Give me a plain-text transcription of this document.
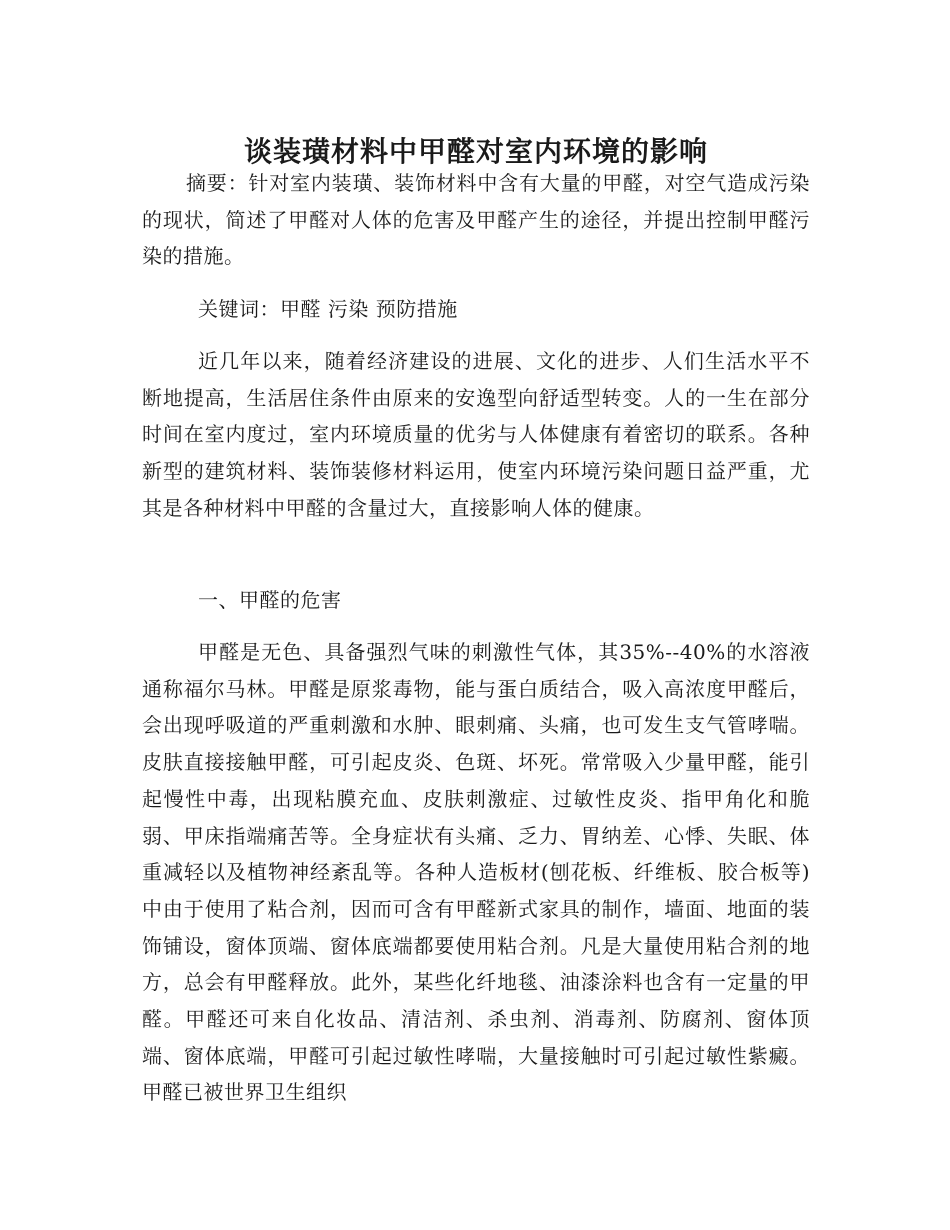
谈装璜材料中甲醛对室内环境的影响

摘要：针对室内装璜、装饰材料中含有大量的甲醛，对空气造成污染的现状，简述了甲醛对人体的危害及甲醛产生的途径，并提出控制甲醛污染的措施。

关键词：甲醛 污染 预防措施

近几年以来，随着经济建设的进展、文化的进步、人们生活水平不断地提高，生活居住条件由原来的安逸型向舒适型转变。人的一生在部分时间在室内度过，室内环境质量的优劣与人体健康有着密切的联系。各种新型的建筑材料、装饰装修材料运用，使室内环境污染问题日益严重，尤其是各种材料中甲醛的含量过大，直接影响人体的健康。

一、甲醛的危害

甲醛是无色、具备强烈气味的刺激性气体，其35%--40%的水溶液通称福尔马林。甲醛是原浆毒物，能与蛋白质结合，吸入高浓度甲醛后，会出现呼吸道的严重刺激和水肿、眼刺痛、头痛，也可发生支气管哮喘。皮肤直接接触甲醛，可引起皮炎、色斑、坏死。常常吸入少量甲醛，能引起慢性中毒，出现粘膜充血、皮肤刺激症、过敏性皮炎、指甲角化和脆弱、甲床指端痛苦等。全身症状有头痛、乏力、胃纳差、心悸、失眠、体重减轻以及植物神经紊乱等。各种人造板材(刨花板、纤维板、胶合板等)中由于使用了粘合剂，因而可含有甲醛新式家具的制作，墙面、地面的装饰铺设，窗体顶端、窗体底端都要使用粘合剂。凡是大量使用粘合剂的地方，总会有甲醛释放。此外，某些化纤地毯、油漆涂料也含有一定量的甲醛。甲醛还可来自化妆品、清洁剂、杀虫剂、消毒剂、防腐剂、窗体顶端、窗体底端，甲醛可引起过敏性哮喘，大量接触时可引起过敏性紫癜。甲醛已被世界卫生组织
